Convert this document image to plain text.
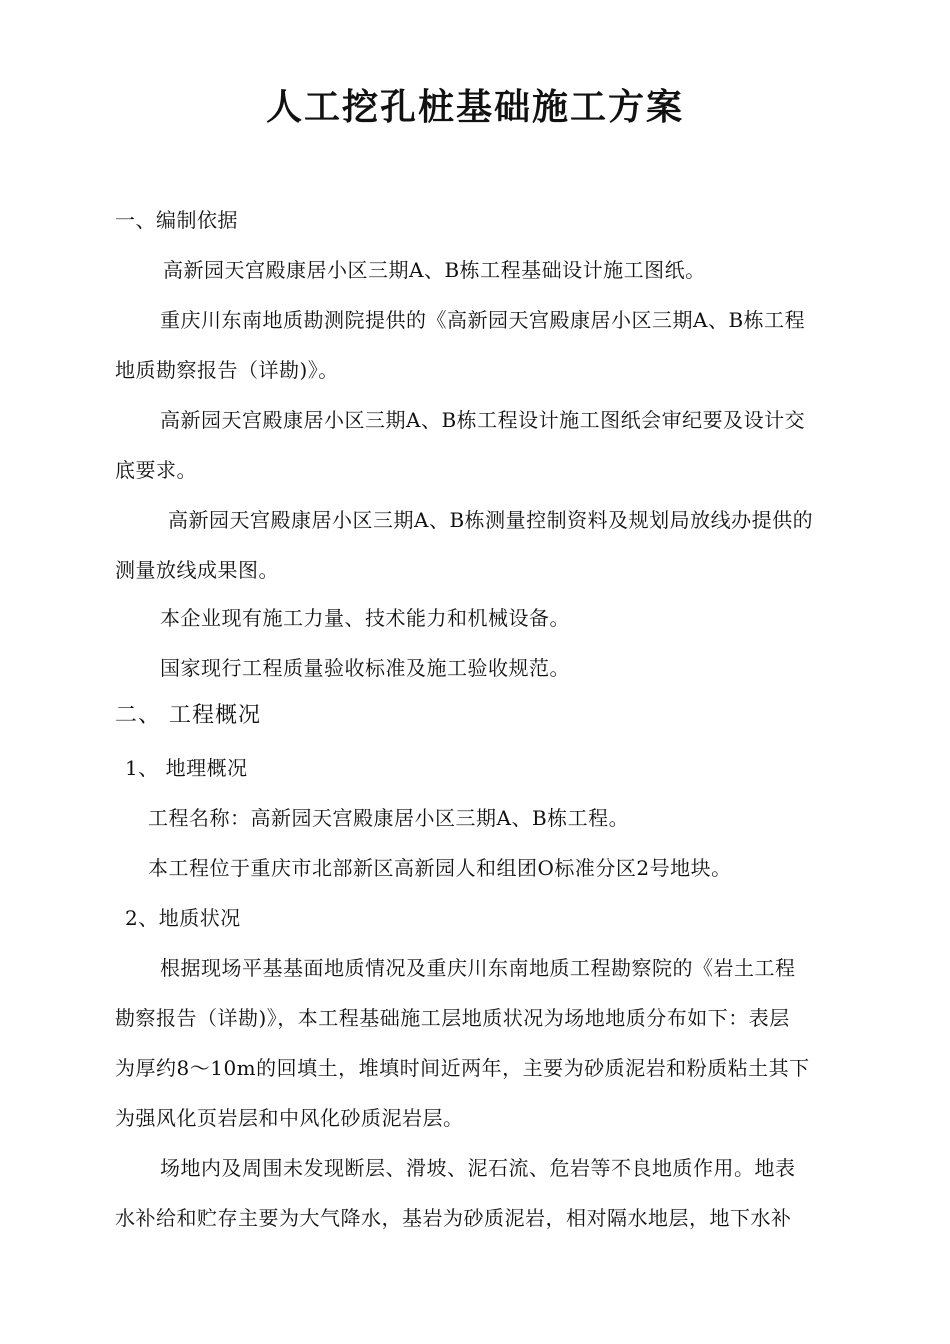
人工挖孔桩基础施工方案
一、编制依据
高新园天宫殿康居小区三期A、B栋工程基础设计施工图纸。
重庆川东南地质勘测院提供的《高新园天宫殿康居小区三期A、B栋工程
地质勘察报告（详勘)》。
高新园天宫殿康居小区三期A、B栋工程设计施工图纸会审纪要及设计交
底要求。
高新园天宫殿康居小区三期A、B栋测量控制资料及规划局放线办提供的
测量放线成果图。
本企业现有施工力量、技术能力和机械设备。
国家现行工程质量验收标准及施工验收规范。
二、 工程概况
1、 地理概况
工程名称：高新园天宫殿康居小区三期A、B栋工程。
本工程位于重庆市北部新区高新园人和组团O标准分区2号地块。
2、地质状况
根据现场平基基面地质情况及重庆川东南地质工程勘察院的《岩土工程
勘察报告（详勘)》，本工程基础施工层地质状况为场地地质分布如下：表层
为厚约8～10m的回填土，堆填时间近两年，主要为砂质泥岩和粉质粘土其下
为强风化页岩层和中风化砂质泥岩层。
场地内及周围未发现断层、滑坡、泥石流、危岩等不良地质作用。地表
水补给和贮存主要为大气降水，基岩为砂质泥岩，相对隔水地层，地下水补
